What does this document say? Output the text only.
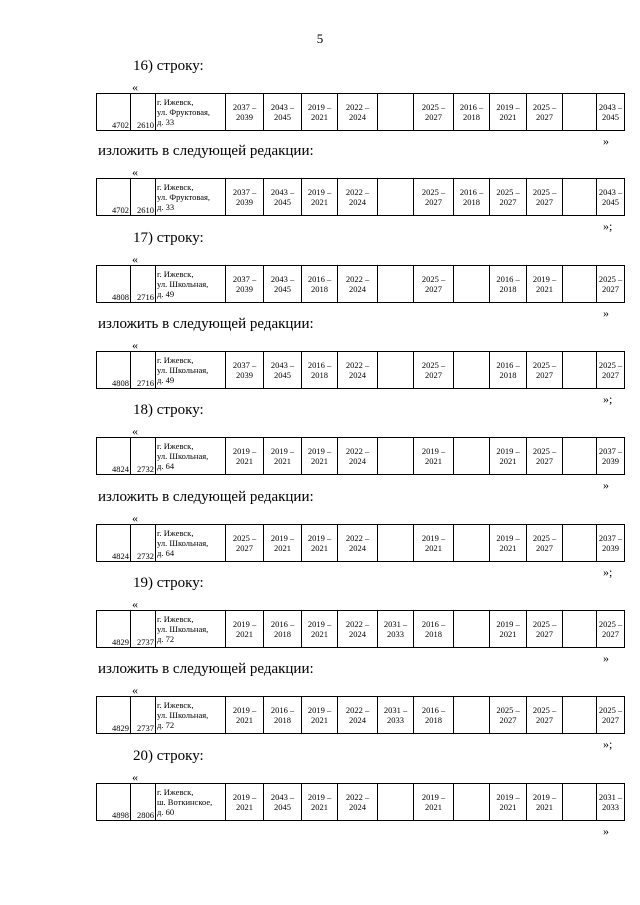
5
16) строку:
«
4702	2610	
г. Ижевск,
ул. Фруктовая,
д. 33
	2037 – 2039	2043 – 2045	2019 – 2021	2022 – 2024		2025 – 2027	2016 – 2018	2019 – 2021	2025 – 2027		2043 – 2045
»
изложить в следующей редакции:
«
4702	2610	
г. Ижевск,
ул. Фруктовая,
д. 33
	2037 – 2039	2043 – 2045	2019 – 2021	2022 – 2024		2025 – 2027	2016 – 2018	2025 – 2027	2025 – 2027		2043 – 2045
»;
17) строку:
«
4808	2716	
г. Ижевск,
ул. Школьная,
д. 49
	2037 – 2039	2043 – 2045	2016 – 2018	2022 – 2024		2025 – 2027		2016 – 2018	2019 – 2021		2025 – 2027
»
изложить в следующей редакции:
«
4808	2716	
г. Ижевск,
ул. Школьная,
д. 49
	2037 – 2039	2043 – 2045	2016 – 2018	2022 – 2024		2025 – 2027		2016 – 2018	2025 – 2027		2025 – 2027
»;
18) строку:
«
4824	2732	
г. Ижевск,
ул. Школьная,
д. 64
	2019 – 2021	2019 – 2021	2019 – 2021	2022 – 2024		2019 – 2021		2019 – 2021	2025 – 2027		2037 – 2039
»
изложить в следующей редакции:
«
4824	2732	
г. Ижевск,
ул. Школьная,
д. 64
	2025 – 2027	2019 – 2021	2019 – 2021	2022 – 2024		2019 – 2021		2019 – 2021	2025 – 2027		2037 – 2039
»;
19) строку:
«
4829	2737	
г. Ижевск,
ул. Школьная,
д. 72
	2019 – 2021	2016 – 2018	2019 – 2021	2022 – 2024	2031 – 2033	2016 – 2018		2019 – 2021	2025 – 2027		2025 – 2027
»
изложить в следующей редакции:
«
4829	2737	
г. Ижевск,
ул. Школьная,
д. 72
	2019 – 2021	2016 – 2018	2019 – 2021	2022 – 2024	2031 – 2033	2016 – 2018		2025 – 2027	2025 – 2027		2025 – 2027
»;
20) строку:
«
4898	2806	
г. Ижевск,
ш. Воткинское,
д. 60
	2019 – 2021	2043 – 2045	2019 – 2021	2022 – 2024		2019 – 2021		2019 – 2021	2019 – 2021		2031 – 2033
»
